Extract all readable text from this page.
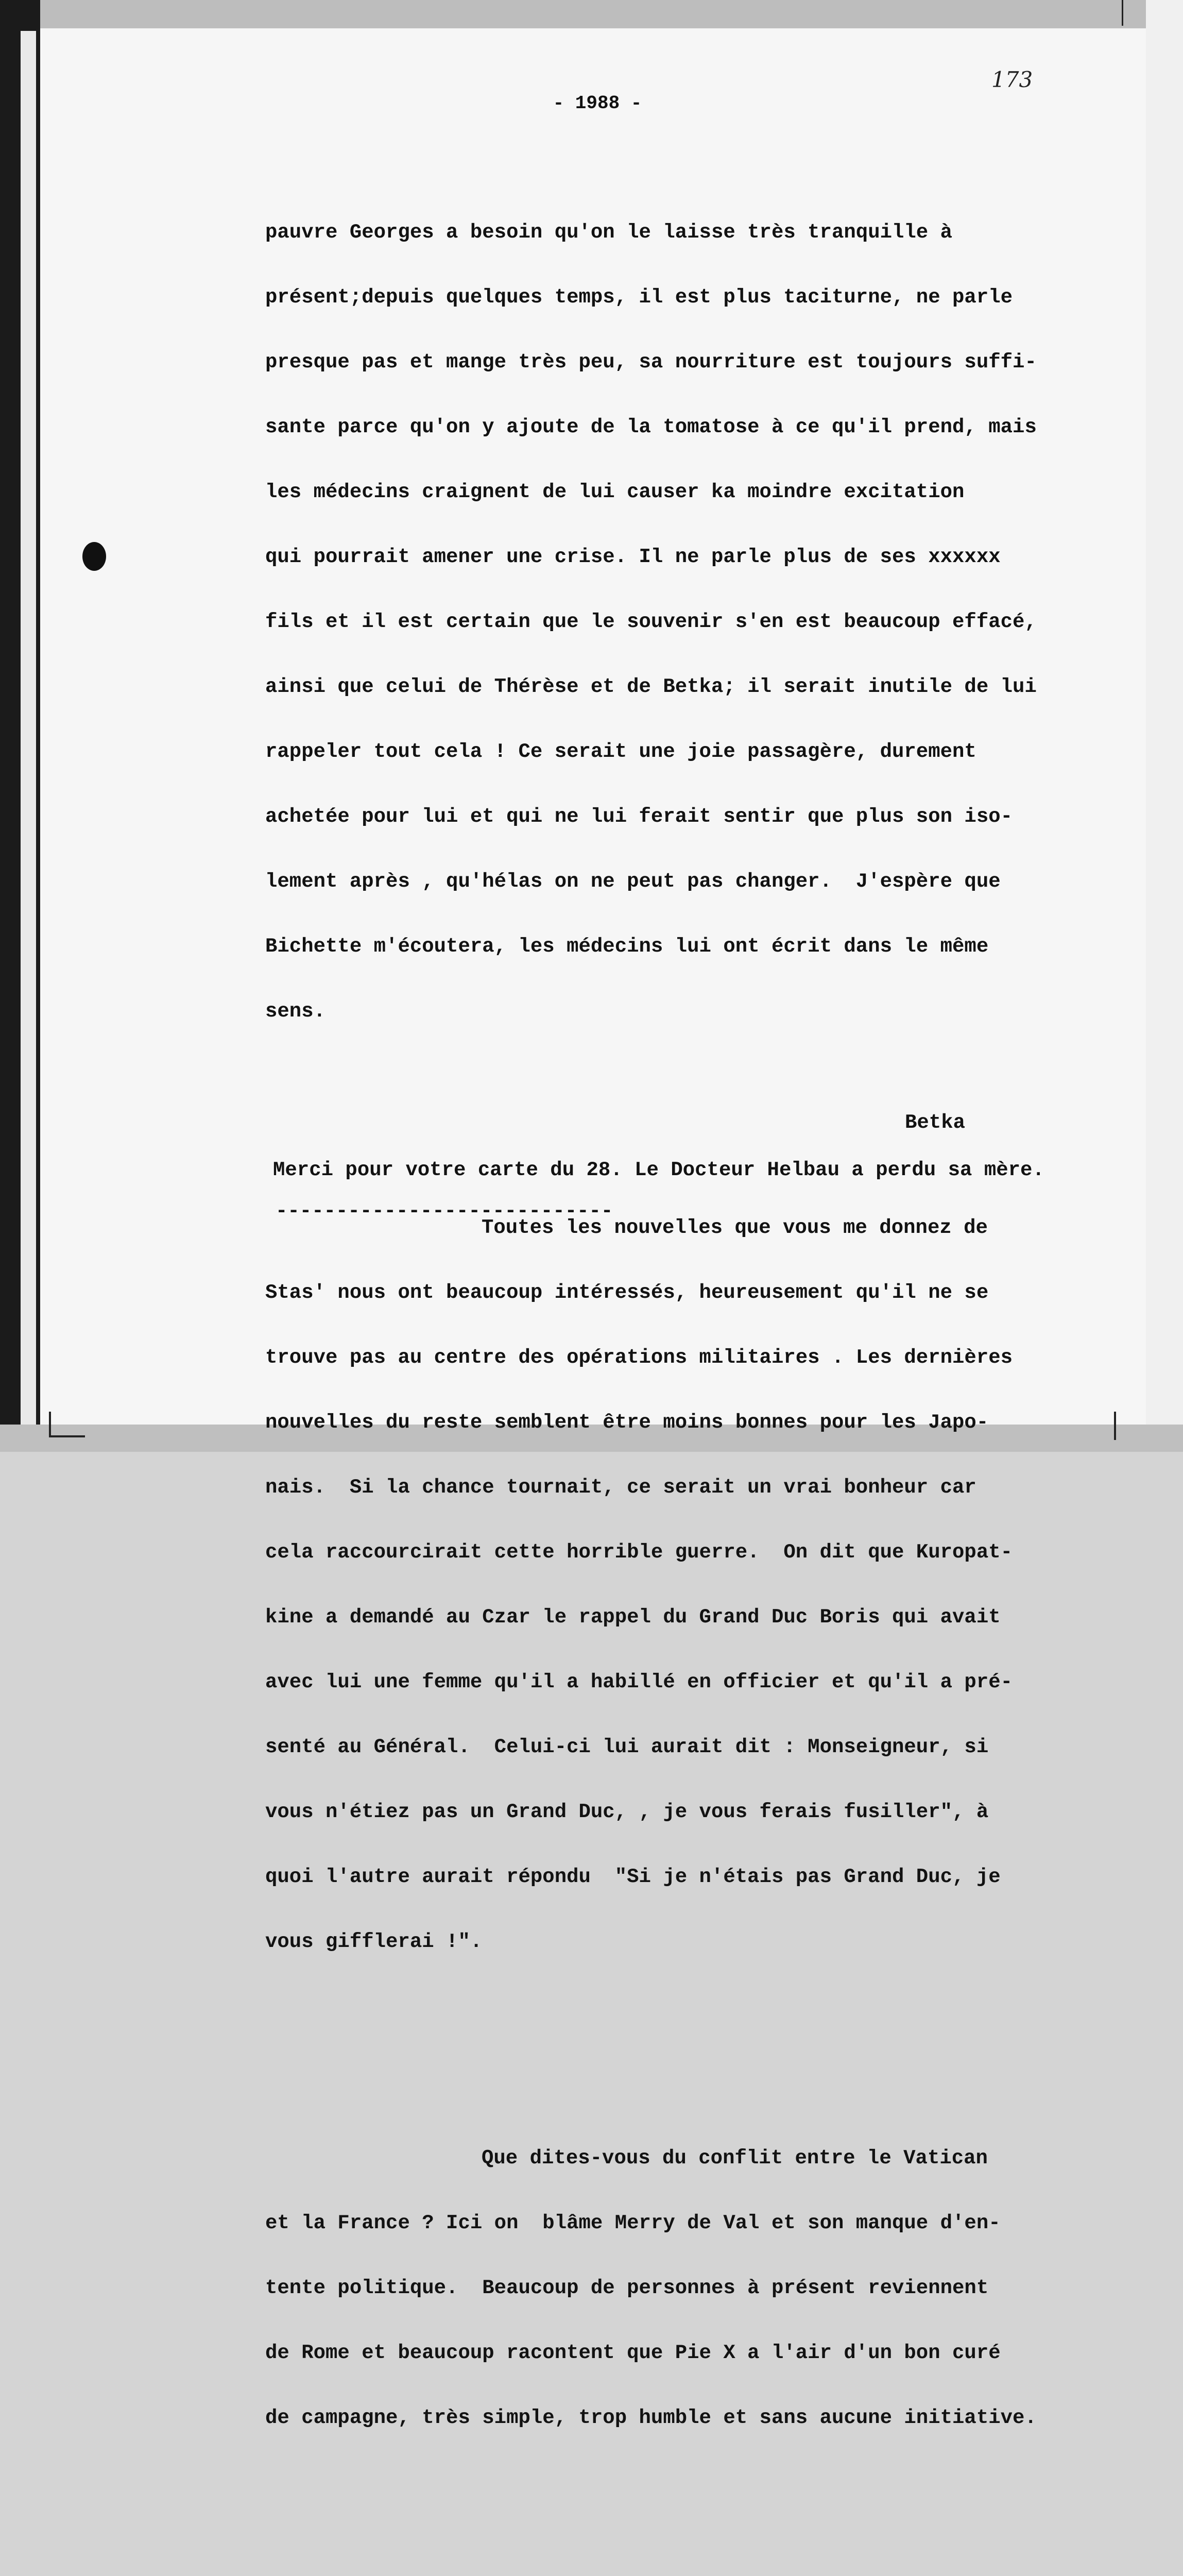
173
- 1988 -

pauvre Georges a besoin qu'on le laisse très tranquille à

présent;depuis quelques temps, il est plus taciturne, ne parle

presque pas et mange très peu, sa nourriture est toujours suffi-

sante parce qu'on y ajoute de la tomatose à ce qu'il prend, mais

les médecins craignent de lui causer ka moindre excitation

qui pourrait amener une crise. Il ne parle plus de ses xxxxxx

fils et il est certain que le souvenir s'en est beaucoup effacé,

ainsi que celui de Thérèse et de Betka; il serait inutile de lui

rappeler tout cela ! Ce serait une joie passagère, durement

achetée pour lui et qui ne lui ferait sentir que plus son iso-

lement après , qu'hélas on ne peut pas changer.  J'espère que

Bichette m'écoutera, les médecins lui ont écrit dans le même

sens.

Toutes les nouvelles que vous me donnez de

Stas' nous ont beaucoup intéressés, heureusement qu'il ne se

trouve pas au centre des opérations militaires . Les dernières

nouvelles du reste semblent être moins bonnes pour les Japo-

nais.  Si la chance tournait, ce serait un vrai bonheur car

cela raccourcirait cette horrible guerre.  On dit que Kuropat-

kine a demandé au Czar le rappel du Grand Duc Boris qui avait

avec lui une femme qu'il a habillé en officier et qu'il a pré-

senté au Général.  Celui-ci lui aurait dit : Monseigneur, si

vous n'étiez pas un Grand Duc, , je vous ferais fusiller", à

quoi l'autre aurait répondu  "Si je n'étais pas Grand Duc, je

vous gifflerai !".

Que dites-vous du conflit entre le Vatican

et la France ? Ici on  blâme Merry de Val et son manque d'en-

tente politique.  Beaucoup de personnes à présent reviennent

de Rome et beaucoup racontent que Pie X a l'air d'un bon curé

de campagne, très simple, trop humble et sans aucune initiative.

Betka
Merci pour votre carte du 28. Le Docteur Helbau a perdu sa mère.
----------------------------
